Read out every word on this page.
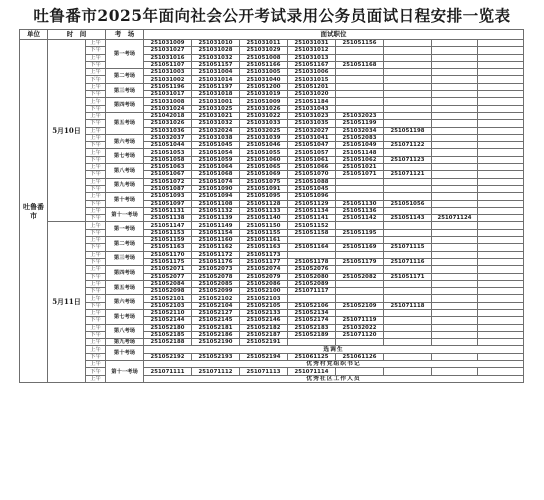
吐鲁番市2025年面向社会公开考试录用公务员面试日程安排一览表
单位	时　间		考　场	面试职位							
吐鲁番市	5月10日	上午	第一考场	251031009	251031010	251031011	251031031	251051156			
		下午		251031027	251031028	251031029	251031012				
		上午		251031016	251031032	251051008	251031013				
		下午		251051107	251051157	251051166	251051167	251051168			
		上午	第二考场	251031003	251031004	251031005	251031006				
		下午		251031002	251031014	251031040	251031015				
		上午	第三考场	251051196	251051197	251051200	251051201				
		下午		251031017	251031018	251031019	251031020				
		上午	第四考场	251031008	251031001	251051009	251051184				
		下午		251031024	251031025	251031026	251031043				
		上午	第五考场	251042018	251031021	251031022	251031023	251032023			
		下午		251031026	251031032	251031033	251031035	251051199			
		上午		251031036	251032024	251032025	251032027	251032034	251051198		
		上午	第六考场	251032037	251031038	251031039	251031041	251052083			
		下午		251051044	251051045	251051046	251051047	251051049	251071122		
		上午	第七考场	251051053	251051054	251051055	251051057	251051148			
		下午		251051058	251051059	251051060	251051061	251051062	251071123		
		上午	第八考场	251051063	251051064	251051065	251051066	251051021			
		下午		251051067	251051068	251051069	251051070	251051071	251071121		
		上午	第九考场	251051072	251051074	251051075	251051088				
		下午		251051087	251051090	251051091	251051045				
		上午	第十考场	251051093	251051094	251051095	251051096				
		下午		251051097	251051108	251051128	251051129	251051130	251051056		
		上午	第十一考场	251051131	251051132	251051133	251051134	251051136			
		下午		251051138	251051139	251051140	251051141	251051142	251051143	251071124	
	5月11日	上午	第一考场	251051147	251051149	251051150	251051152				
		下午		251051153	251051154	251051155	251051158	251051195			
		上午	第二考场	251051159	251051160	251051161					
		下午		251051163	251051162	251051163	251051164	251051169	251071115		
		上午	第三考场	251051170	251051172	251051173					
		下午		251051175	251051176	251051177	251051178	251051179	251071116		
		上午	第四考场	251052071	251052073	251052074	251052076				
		下午		251052077	251052078	251052079	251052080	251052082	251051171		
		上午	第五考场	251052084	251052085	251052086	251052089				
		下午		251052098	251052099	251052100	251071117				
		上午	第六考场	251052101	251052102	251052103					
		下午		251052103	251052104	251052105	251052106	251052109	251071118		
		上午	第七考场	251052110	251052127	251052133	251052134				
		下午		251052144	251052145	251052146	251052174	251071119			
		上午	第八考场	251052180	251052181	251052182	251052183	251032022			
		下午		251052185	251052186	251052187	251052189	251071120			
		上午	第九考场	251052188	251052190	251052191					
		上午	第十考场	选调生							
		下午		251052192	251052193	251052194	251061125	251061126			
		上午	第十一考场	优秀村党组织书记							
		下午		251071111	251071112	251071113	251071114				
		上午		优秀社区工作人员							
